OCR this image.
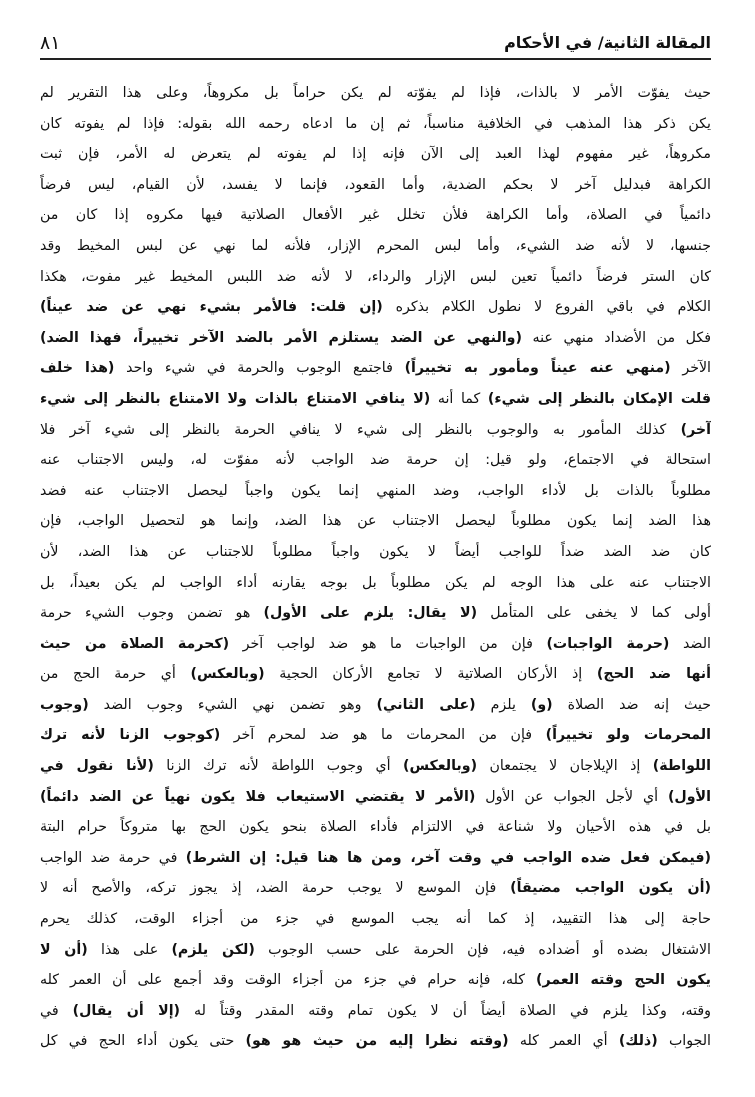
المقالة الثانية/ في الأحكام
٨١
حيث يفوّت الأمر لا بالذات، فإذا لم يفوّته لم يكن حراماً بل مكروهاً، وعلى هذا التقرير لم
يكن ذكر هذا المذهب في الخلافية مناسباً، ثم إن ما ادعاه رحمه الله بقوله: فإذا لم يفوته كان
مكروهاً، غير مفهوم لهذا العبد إلى الآن فإنه إذا لم يفوته لم يتعرض له الأمر، فإن ثبت
الكراهة فبدليل آخر لا بحكم الضدية، وأما القعود، فإنما لا يفسد، لأن القيام، ليس فرضاً
دائمياً في الصلاة، وأما الكراهة فلأن تخلل غير الأفعال الصلاتية فيها مكروه إذا كان من
جنسها، لا لأنه ضد الشيء، وأما لبس المحرم الإزار، فلأنه لما نهي عن لبس المخيط وقد
كان الستر فرضاً دائمياً تعين لبس الإزار والرداء، لا لأنه ضد اللبس المخيط غير مفوت، هكذا
الكلام في باقي الفروع لا نطول الكلام بذكره (إن قلت: فالأمر بشيء نهي عن ضد عيناً)
فكل من الأضداد منهي عنه (والنهي عن الضد يستلزم الأمر بالضد الآخر تخييراً، فهذا الضد)
الآخر (منهي عنه عيناً ومأمور به تخييراً) فاجتمع الوجوب والحرمة في شيء واحد (هذا خلف
قلت الإمكان بالنظر إلى شيء) كما أنه (لا ينافي الامتناع بالذات ولا الامتناع بالنظر إلى شيء
آخر) كذلك المأمور به والوجوب بالنظر إلى شيء لا ينافي الحرمة بالنظر إلى شيء آخر فلا
استحالة في الاجتماع، ولو قيل: إن حرمة ضد الواجب لأنه مفوّت له، وليس الاجتناب عنه
مطلوباً بالذات بل لأداء الواجب، وضد المنهي إنما يكون واجباً ليحصل الاجتناب عنه فضد
هذا الضد إنما يكون مطلوباً ليحصل الاجتناب عن هذا الضد، وإنما هو لتحصيل الواجب، فإن
كان ضد الضد ضداً للواجب أيضاً لا يكون واجباً مطلوباً للاجتناب عن هذا الضد، لأن
الاجتناب عنه على هذا الوجه لم يكن مطلوباً بل بوجه يقارنه أداء الواجب لم يكن بعيداً، بل
أولى كما لا يخفى على المتأمل (لا يقال: يلزم على الأول) هو تضمن وجوب الشيء حرمة
الضد (حرمة الواجبات) فإن من الواجبات ما هو ضد لواجب آخر (كحرمة الصلاة من حيث
أنها ضد الحج) إذ الأركان الصلاتية لا تجامع الأركان الحجية (وبالعكس) أي حرمة الحج من
حيث إنه ضد الصلاة (و) يلزم (على الثاني) وهو تضمن نهي الشيء وجوب الضد (وجوب
المحرمات ولو تخييراً) فإن من المحرمات ما هو ضد لمحرم آخر (كوجوب الزنا لأنه ترك
اللواطة) إذ الإيلاجان لا يجتمعان (وبالعكس) أي وجوب اللواطة لأنه ترك الزنا (لأنا نقول في
الأول) أي لأجل الجواب عن الأول (الأمر لا يقتضي الاستيعاب فلا يكون نهياً عن الضد دائماً)
بل في هذه الأحيان ولا شناعة في الالتزام فأداء الصلاة بنحو يكون الحج بها متروكاً حرام البتة
(فيمكن فعل ضده الواجب في وقت آخر، ومن ها هنا قيل: إن الشرط) في حرمة ضد الواجب
(أن يكون الواجب مضيقاً) فإن الموسع لا يوجب حرمة الضد، إذ يجوز تركه، والأصح أنه لا
حاجة إلى هذا التقييد، إذ كما أنه يجب الموسع في جزء من أجزاء الوقت، كذلك يحرم
الاشتغال بضده أو أضداده فيه، فإن الحرمة على حسب الوجوب (لكن يلزم) على هذا (أن لا
يكون الحج وقته العمر) كله، فإنه حرام في جزء من أجزاء الوقت وقد أجمع على أن العمر كله
وقته، وكذا يلزم في الصلاة أيضاً أن لا يكون تمام وقته المقدر وقتاً له (إلا أن يقال) في
الجواب (ذلك) أي العمر كله (وقته نظرا إليه من حيث هو هو) حتى يكون أداء الحج في كل
